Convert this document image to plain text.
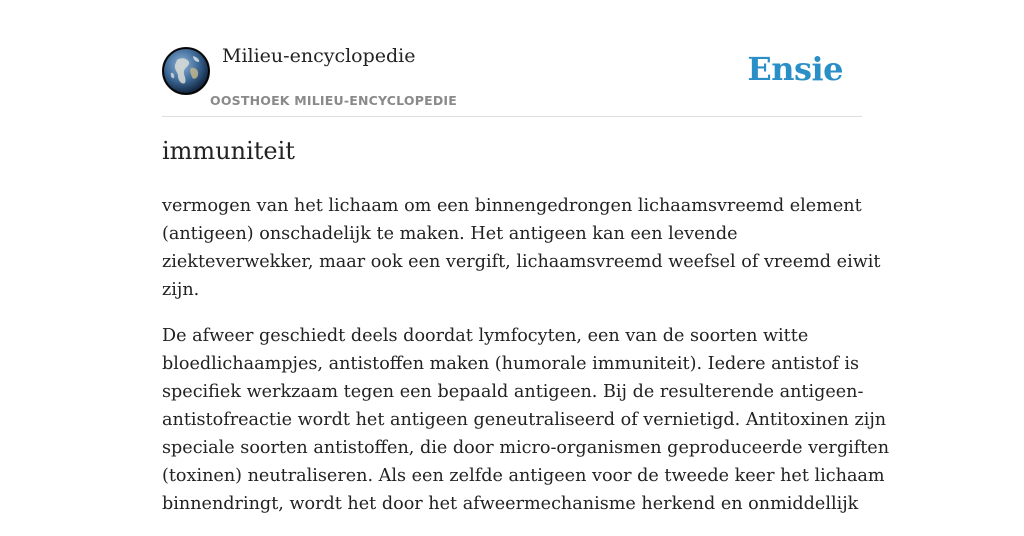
Milieu-encyclopedie
OOSTHOEK MILIEU-ENCYCLOPEDIE
Ensie
immuniteit

vermogen van het lichaam om een binnengedrongen lichaamsvreemd element
(antigeen) onschadelijk te maken. Het antigeen kan een levende
ziekteverwekker, maar ook een vergift, lichaamsvreemd weefsel of vreemd eiwit
zijn.

De afweer geschiedt deels doordat lymfocyten, een van de soorten witte
bloedlichaampjes, antistoffen maken (humorale immuniteit). Iedere antistof is
specifiek werkzaam tegen een bepaald antigeen. Bij de resulterende antigeen-
antistofreactie wordt het antigeen geneutraliseerd of vernietigd. Antitoxinen zijn
speciale soorten antistoffen, die door micro-organismen geproduceerde vergiften
(toxinen) neutraliseren. Als een zelfde antigeen voor de tweede keer het lichaam
binnendringt, wordt het door het afweermechanisme herkend en onmiddellijk
